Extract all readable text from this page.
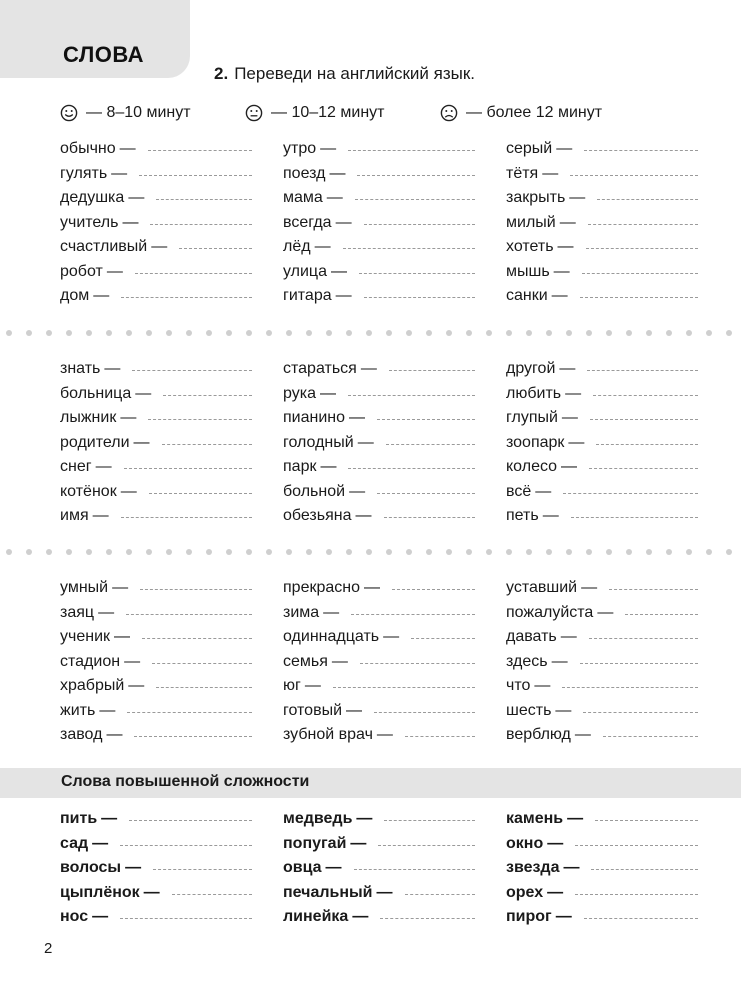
СЛОВА
2. Переведи на английский язык.
— 8–10 минут	— 10–12 минут	— более 12 минут
обычно —
гулять —
дедушка —
учитель —
счастливый —
робот —
дом —
утро —
поезд —
мама —
всегда —
лёд —
улица —
гитара —
серый —
тётя —
закрыть —
милый —
хотеть —
мышь —
санки —
знать —
больница —
лыжник —
родители —
снег —
котёнок —
имя —
стараться —
рука —
пианино —
голодный —
парк —
больной —
обезьяна —
другой —
любить —
глупый —
зоопарк —
колесо —
всё —
петь —
умный —
заяц —
ученик —
стадион —
храбрый —
жить —
завод —
прекрасно —
зима —
одиннадцать —
семья —
юг —
готовый —
зубной врач —
уставший —
пожалуйста —
давать —
здесь —
что —
шесть —
верблюд —
Слова повышенной сложности
пить —
сад —
волосы —
цыплёнок —
нос —
медведь —
попугай —
овца —
печальный —
линейка —
камень —
окно —
звезда —
орех —
пирог —
2
